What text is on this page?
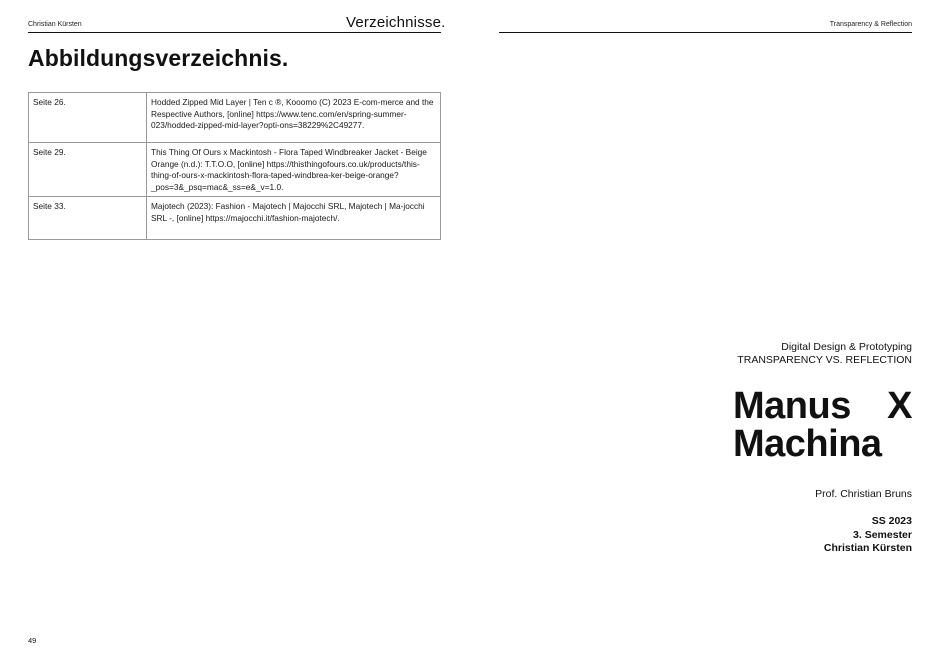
Christian Kürsten	Verzeichnisse.
Abbildungsverzeichnis.
Seite 26.	Hodded Zipped Mid Layer | Ten c ®, Kooomo (C) 2023 E-com-merce and the Respective Authors, [online] https://www.tenc.com/en/spring-summer-023/hodded-zipped-mid-layer?opti-ons=38229%2C49277.
Seite 29.	This Thing Of Ours x Mackintosh - Flora Taped Windbreaker Jacket - Beige Orange (n.d.): T.T.O.O, [online] https://thisthingofours.co.uk/products/this-thing-of-ours-x-mackintosh-flora-taped-windbrea-ker-beige-orange?_pos=3&_psq=mac&_ss=e&_v=1.0.
Seite 33.	Majotech (2023): Fashion - Majotech | Majocchi SRL, Majotech | Ma-jocchi SRL -, [online] https://majocchi.it/fashion-majotech/.
49
Transparency & Reflection
Digital Design & Prototyping
TRANSPARENCY VS. REFLECTION
Manus X
Machina
Prof. Christian Bruns
SS 2023
3. Semester
Christian Kürsten
